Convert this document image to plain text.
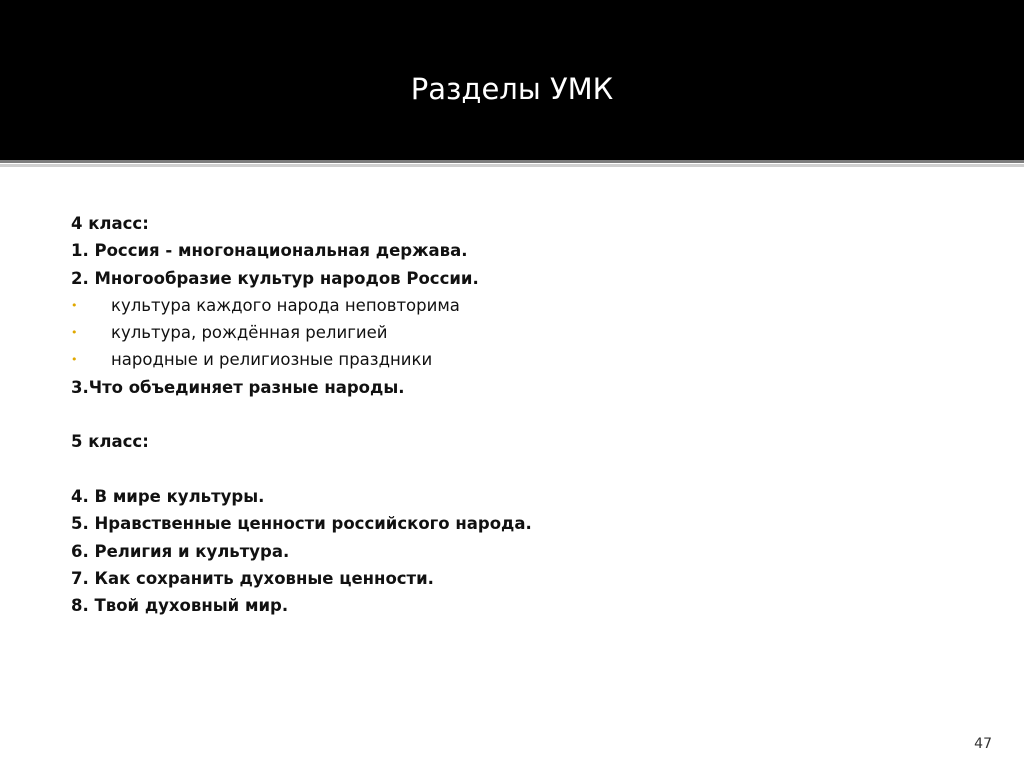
Разделы УМК
4 класс:
1. Россия - многонациональная держава.
2. Многообразие культур народов России.
• культура каждого народа неповторима
• культура, рождённая религией
• народные и религиозные праздники
3.Что объединяет разные народы.
5 класс:
4. В мире культуры.
5. Нравственные ценности российского народа.
6. Религия и культура.
7. Как сохранить духовные ценности.
8. Твой духовный мир.
47
